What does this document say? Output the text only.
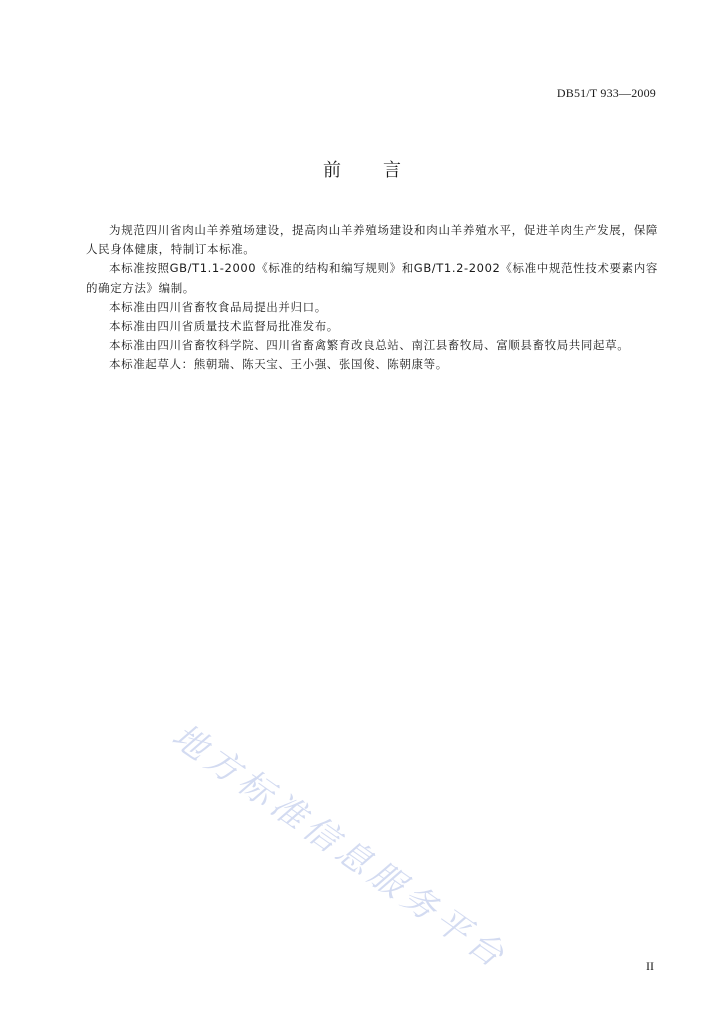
DB51/T 933—2009
前 言

为规范四川省肉山羊养殖场建设，提高肉山羊养殖场建设和肉山羊养殖水平，促进羊肉生产发展，保障人民身体健康，特制订本标准。

本标准按照GB/T1.1-2000《标准的结构和编写规则》和GB/T1.2-2002《标准中规范性技术要素内容的确定方法》编制。

本标准由四川省畜牧食品局提出并归口。

本标准由四川省质量技术监督局批准发布。

本标准由四川省畜牧科学院、四川省畜禽繁育改良总站、南江县畜牧局、富顺县畜牧局共同起草。

本标准起草人：熊朝瑞、陈天宝、王小强、张国俊、陈朝康等。

地方标准信息服务平台	II
